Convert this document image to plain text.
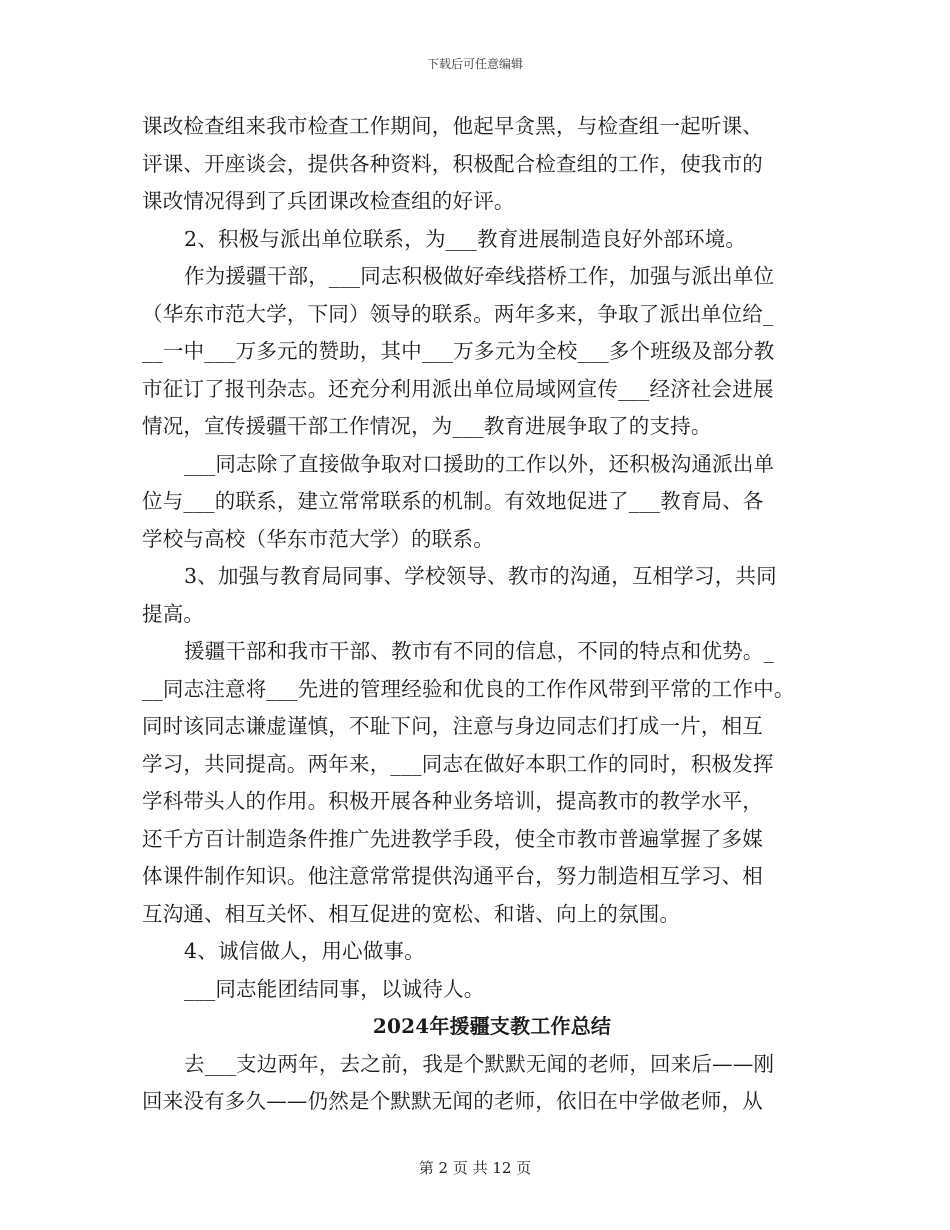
下载后可任意编辑
课改检查组来我市检查工作期间，他起早贪黑，与检查组一起听课、
评课、开座谈会，提供各种资料，积极配合检查组的工作，使我市的
课改情况得到了兵团课改检查组的好评。
2、积极与派出单位联系，为___教育进展制造良好外部环境。
作为援疆干部，___同志积极做好牵线搭桥工作，加强与派出单位
（华东市范大学，下同）领导的联系。两年多来，争取了派出单位给_
__一中___万多元的赞助，其中___万多元为全校___多个班级及部分教
市征订了报刊杂志。还充分利用派出单位局域网宣传___经济社会进展
情况，宣传援疆干部工作情况，为___教育进展争取了的支持。
___同志除了直接做争取对口援助的工作以外，还积极沟通派出单
位与___的联系，建立常常联系的机制。有效地促进了___教育局、各
学校与高校（华东市范大学）的联系。
3、加强与教育局同事、学校领导、教市的沟通，互相学习，共同
提高。
援疆干部和我市干部、教市有不同的信息，不同的特点和优势。_
__同志注意将___先进的管理经验和优良的工作作风带到平常的工作中。
同时该同志谦虚谨慎，不耻下问，注意与身边同志们打成一片，相互
学习，共同提高。两年来，___同志在做好本职工作的同时，积极发挥
学科带头人的作用。积极开展各种业务培训，提高教市的教学水平，
还千方百计制造条件推广先进教学手段，使全市教市普遍掌握了多媒
体课件制作知识。他注意常常提供沟通平台，努力制造相互学习、相
互沟通、相互关怀、相互促进的宽松、和谐、向上的氛围。
4、诚信做人，用心做事。
___同志能团结同事，以诚待人。
2024年援疆支教工作总结
去___支边两年，去之前，我是个默默无闻的老师，回来后——刚
回来没有多久——仍然是个默默无闻的老师，依旧在中学做老师，从
第 2 页 共 12 页
